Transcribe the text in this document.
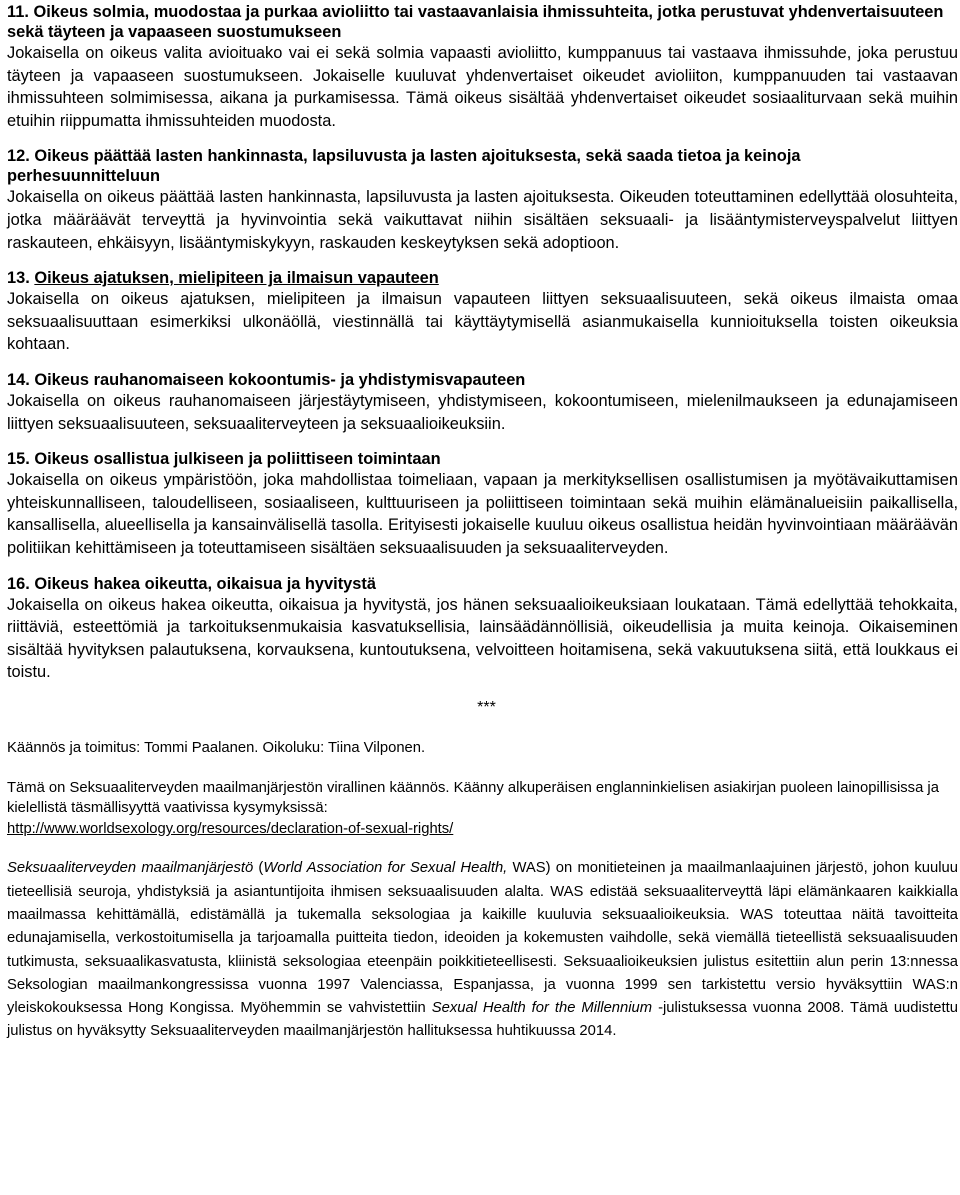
11. Oikeus solmia, muodostaa ja purkaa avioliitto tai vastaavanlaisia ihmissuhteita, jotka perustuvat yhdenvertaisuuteen sekä täyteen ja vapaaseen suostumukseen
Jokaisella on oikeus valita avioituako vai ei sekä solmia vapaasti avioliitto, kumppanuus tai vastaava ihmissuhde, joka perustuu täyteen ja vapaaseen suostumukseen. Jokaiselle kuuluvat yhdenvertaiset oikeudet avioliiton, kumppanuuden tai vastaavan ihmissuhteen solmimisessa, aikana ja purkamisessa. Tämä oikeus sisältää yhdenvertaiset oikeudet sosiaaliturvaan sekä muihin etuihin riippumatta ihmissuhteiden muodosta.
12. Oikeus päättää lasten hankinnasta, lapsiluvusta ja lasten ajoituksesta, sekä saada tietoa ja keinoja perhesuunnitteluun
Jokaisella on oikeus päättää lasten hankinnasta, lapsiluvusta ja lasten ajoituksesta. Oikeuden toteuttaminen edellyttää olosuhteita, jotka määräävät terveyttä ja hyvinvointia sekä vaikuttavat niihin sisältäen seksuaali- ja lisääntymisterveyspalvelut liittyen raskauteen, ehkäisyyn, lisääntymiskykyyn, raskauden keskeytyksen sekä adoptioon.
13. Oikeus ajatuksen, mielipiteen ja ilmaisun vapauteen
Jokaisella on oikeus ajatuksen, mielipiteen ja ilmaisun vapauteen liittyen seksuaalisuuteen, sekä oikeus ilmaista omaa seksuaalisuuttaan esimerkiksi ulkonäöllä, viestinnällä tai käyttäytymisellä asianmukaisella kunnioituksella toisten oikeuksia kohtaan.
14. Oikeus rauhanomaiseen kokoontumis- ja yhdistymisvapauteen
Jokaisella on oikeus rauhanomaiseen järjestäytymiseen, yhdistymiseen, kokoontumiseen, mielenilmaukseen ja edunajamiseen liittyen seksuaalisuuteen, seksuaaliterveyteen ja seksuaalioikeuksiin.
15. Oikeus osallistua julkiseen ja poliittiseen toimintaan
Jokaisella on oikeus ympäristöön, joka mahdollistaa toimeliaan, vapaan ja merkityksellisen osallistumisen ja myötävaikuttamisen yhteiskunnalliseen, taloudelliseen, sosiaaliseen, kulttuuriseen ja poliittiseen toimintaan sekä muihin elämänalueisiin paikallisella, kansallisella, alueellisella ja kansainvälisellä tasolla. Erityisesti jokaiselle kuuluu oikeus osallistua heidän hyvinvointiaan määräävän politiikan kehittämiseen ja toteuttamiseen sisältäen seksuaalisuuden ja seksuaaliterveyden.
16. Oikeus hakea oikeutta, oikaisua ja hyvitystä
Jokaisella on oikeus hakea oikeutta, oikaisua ja hyvitystä, jos hänen seksuaalioikeuksiaan loukataan. Tämä edellyttää tehokkaita, riittäviä, esteettömiä ja tarkoituksenmukaisia kasvatuksellisia, lainsäädännöllisiä, oikeudellisia ja muita keinoja. Oikaiseminen sisältää hyvityksen palautuksena, korvauksena, kuntoutuksena, velvoitteen hoitamisena, sekä vakuutuksena siitä, että loukkaus ei toistu.
***
Käännös ja toimitus: Tommi Paalanen. Oikoluku: Tiina Vilponen.
Tämä on Seksuaaliterveyden maailmanjärjestön virallinen käännös. Käänny alkuperäisen englanninkielisen asiakirjan puoleen lainopillisissa ja kielellistä täsmällisyyttä vaativissa kysymyksissä:
http://www.worldsexology.org/resources/declaration-of-sexual-rights/
Seksuaaliterveyden maailmanjärjestö (World Association for Sexual Health, WAS) on monitieteinen ja maailmanlaajuinen järjestö, johon kuuluu tieteellisiä seuroja, yhdistyksiä ja asiantuntijoita ihmisen seksuaalisuuden alalta. WAS edistää seksuaaliterveyttä läpi elämänkaaren kaikkialla maailmassa kehittämällä, edistämällä ja tukemalla seksologiaa ja kaikille kuuluvia seksuaalioikeuksia. WAS toteuttaa näitä tavoitteita edunajamisella, verkostoitumisella ja tarjoamalla puitteita tiedon, ideoiden ja kokemusten vaihdolle, sekä viemällä tieteellistä seksuaalisuuden tutkimusta, seksuaalikasvatusta, kliinistä seksologiaa eteenpäin poikkitieteellisesti. Seksuaalioikeuksien julistus esitettiin alun perin 13:nnessa Seksologian maailmankongressissa vuonna 1997 Valenciassa, Espanjassa, ja vuonna 1999 sen tarkistettu versio hyväksyttiin WAS:n yleiskokouksessa Hong Kongissa. Myöhemmin se vahvistettiin Sexual Health for the Millennium -julistuksessa vuonna 2008. Tämä uudistettu julistus on hyväksytty Seksuaaliterveyden maailmanjärjestön hallituksessa huhtikuussa 2014.
